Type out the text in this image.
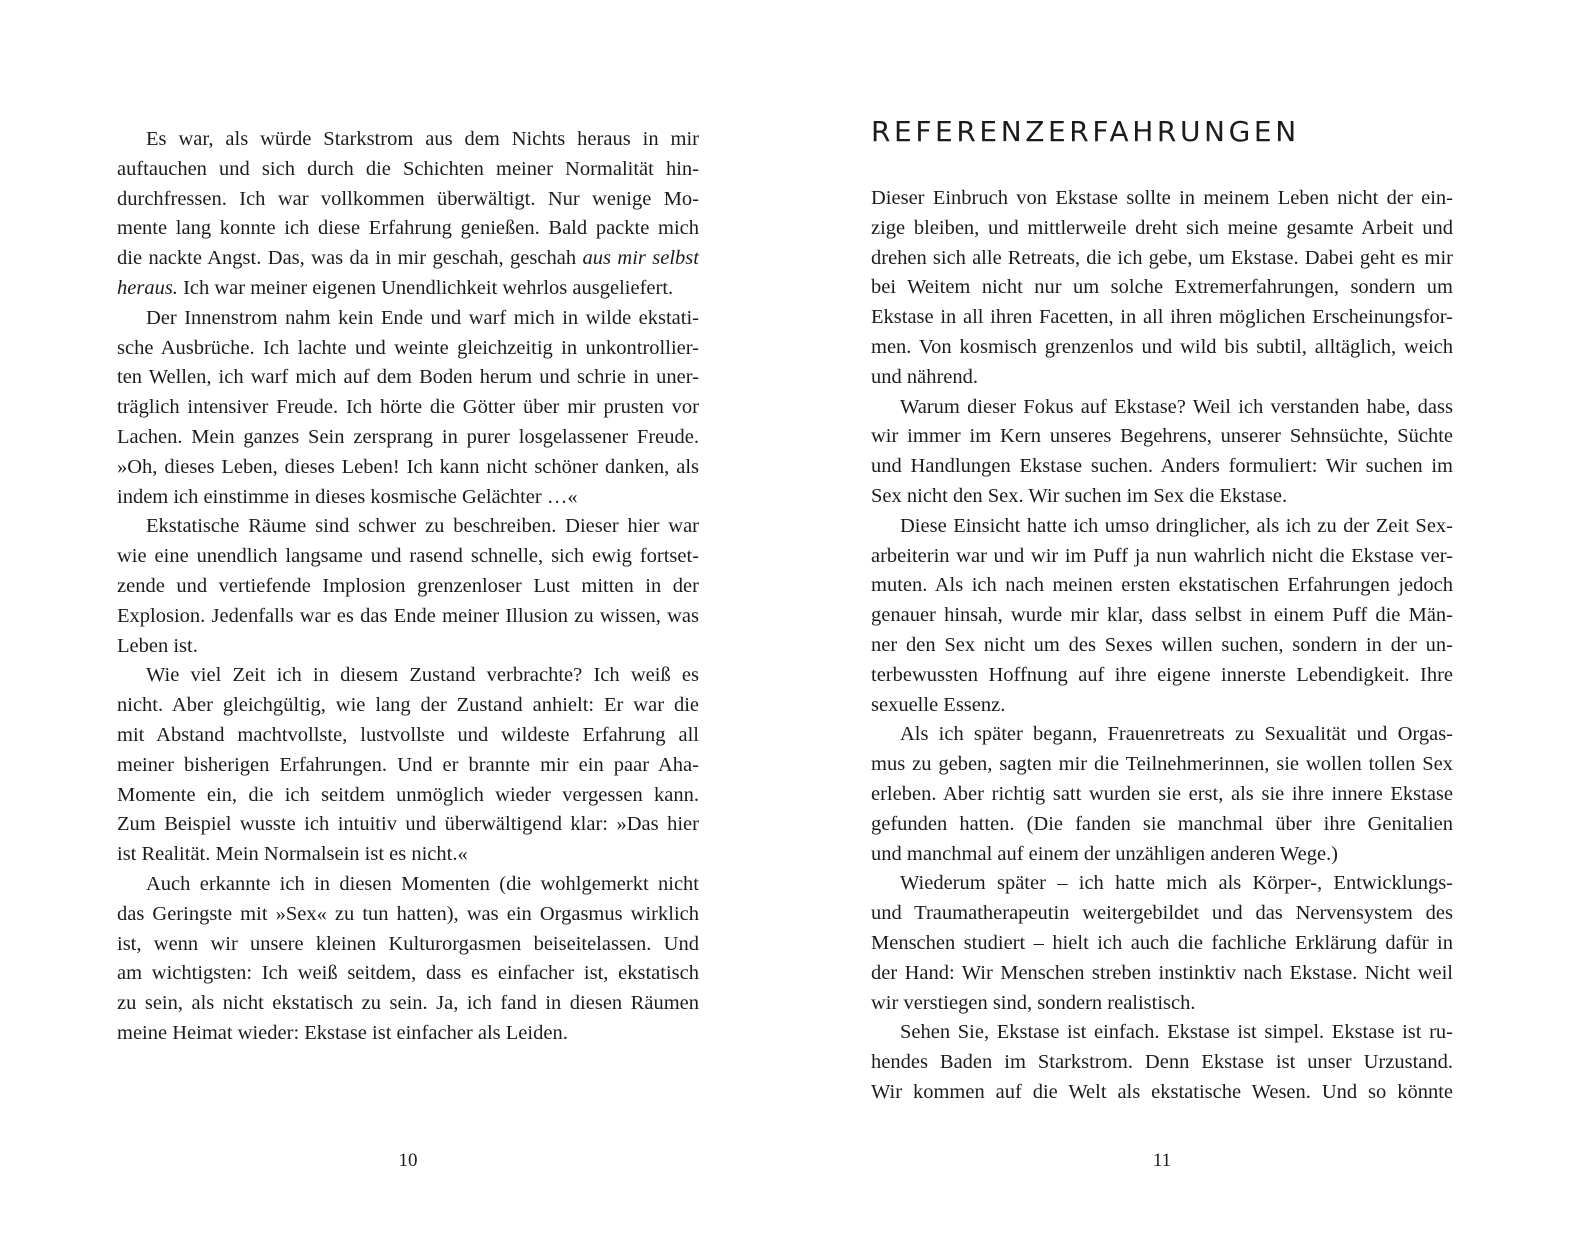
Es war, als würde Starkstrom aus dem Nichts heraus in mir
auftauchen und sich durch die Schichten meiner Normalität hin-
durchfressen. Ich war vollkommen überwältigt. Nur wenige Mo-
mente lang konnte ich diese Erfahrung genießen. Bald packte mich
die nackte Angst. Das, was da in mir geschah, geschah aus mir selbst
heraus. Ich war meiner eigenen Unendlichkeit wehrlos ausgeliefert.
Der Innenstrom nahm kein Ende und warf mich in wilde ekstati-
sche Ausbrüche. Ich lachte und weinte gleichzeitig in unkontrollier-
ten Wellen, ich warf mich auf dem Boden herum und schrie in uner-
träglich intensiver Freude. Ich hörte die Götter über mir prusten vor
Lachen. Mein ganzes Sein zersprang in purer losgelassener Freude.
»Oh, dieses Leben, dieses Leben! Ich kann nicht schöner danken, als
indem ich einstimme in dieses kosmische Gelächter …«
Ekstatische Räume sind schwer zu beschreiben. Dieser hier war
wie eine unendlich langsame und rasend schnelle, sich ewig fortset-
zende und vertiefende Implosion grenzenloser Lust mitten in der
Explosion. Jedenfalls war es das Ende meiner Illusion zu wissen, was
Leben ist.
Wie viel Zeit ich in diesem Zustand verbrachte? Ich weiß es
nicht. Aber gleichgültig, wie lang der Zustand anhielt: Er war die
mit Abstand machtvollste, lustvollste und wildeste Erfahrung all
meiner bisherigen Erfahrungen. Und er brannte mir ein paar Aha-
Momente ein, die ich seitdem unmöglich wieder vergessen kann.
Zum Beispiel wusste ich intuitiv und überwältigend klar: »Das hier
ist Realität. Mein Normalsein ist es nicht.«
Auch erkannte ich in diesen Momenten (die wohlgemerkt nicht
das Geringste mit »Sex« zu tun hatten), was ein Orgasmus wirklich
ist, wenn wir unsere kleinen Kulturorgasmen beiseitelassen. Und
am wichtigsten: Ich weiß seitdem, dass es einfacher ist, ekstatisch
zu sein, als nicht ekstatisch zu sein. Ja, ich fand in diesen Räumen
meine Heimat wieder: Ekstase ist einfacher als Leiden.
10
REFERENZERFAHRUNGEN
Dieser Einbruch von Ekstase sollte in meinem Leben nicht der ein-
zige bleiben, und mittlerweile dreht sich meine gesamte Arbeit und
drehen sich alle Retreats, die ich gebe, um Ekstase. Dabei geht es mir
bei Weitem nicht nur um solche Extremerfahrungen, sondern um
Ekstase in all ihren Facetten, in all ihren möglichen Erscheinungsfor-
men. Von kosmisch grenzenlos und wild bis subtil, alltäglich, weich
und nährend.
Warum dieser Fokus auf Ekstase? Weil ich verstanden habe, dass
wir immer im Kern unseres Begehrens, unserer Sehnsüchte, Süchte
und Handlungen Ekstase suchen. Anders formuliert: Wir suchen im
Sex nicht den Sex. Wir suchen im Sex die Ekstase.
Diese Einsicht hatte ich umso dringlicher, als ich zu der Zeit Sex-
arbeiterin war und wir im Puff ja nun wahrlich nicht die Ekstase ver-
muten. Als ich nach meinen ersten ekstatischen Erfahrungen jedoch
genauer hinsah, wurde mir klar, dass selbst in einem Puff die Män-
ner den Sex nicht um des Sexes willen suchen, sondern in der un-
terbewussten Hoffnung auf ihre eigene innerste Lebendigkeit. Ihre
sexuelle Essenz.
Als ich später begann, Frauenretreats zu Sexualität und Orgas-
mus zu geben, sagten mir die Teilnehmerinnen, sie wollen tollen Sex
erleben. Aber richtig satt wurden sie erst, als sie ihre innere Ekstase
gefunden hatten. (Die fanden sie manchmal über ihre Genitalien
und manchmal auf einem der unzähligen anderen Wege.)
Wiederum später – ich hatte mich als Körper-, Entwicklungs-
und Traumatherapeutin weitergebildet und das Nervensystem des
Menschen studiert – hielt ich auch die fachliche Erklärung dafür in
der Hand: Wir Menschen streben instinktiv nach Ekstase. Nicht weil
wir verstiegen sind, sondern realistisch.
Sehen Sie, Ekstase ist einfach. Ekstase ist simpel. Ekstase ist ru-
hendes Baden im Starkstrom. Denn Ekstase ist unser Urzustand.
Wir kommen auf die Welt als ekstatische Wesen. Und so könnte
11
